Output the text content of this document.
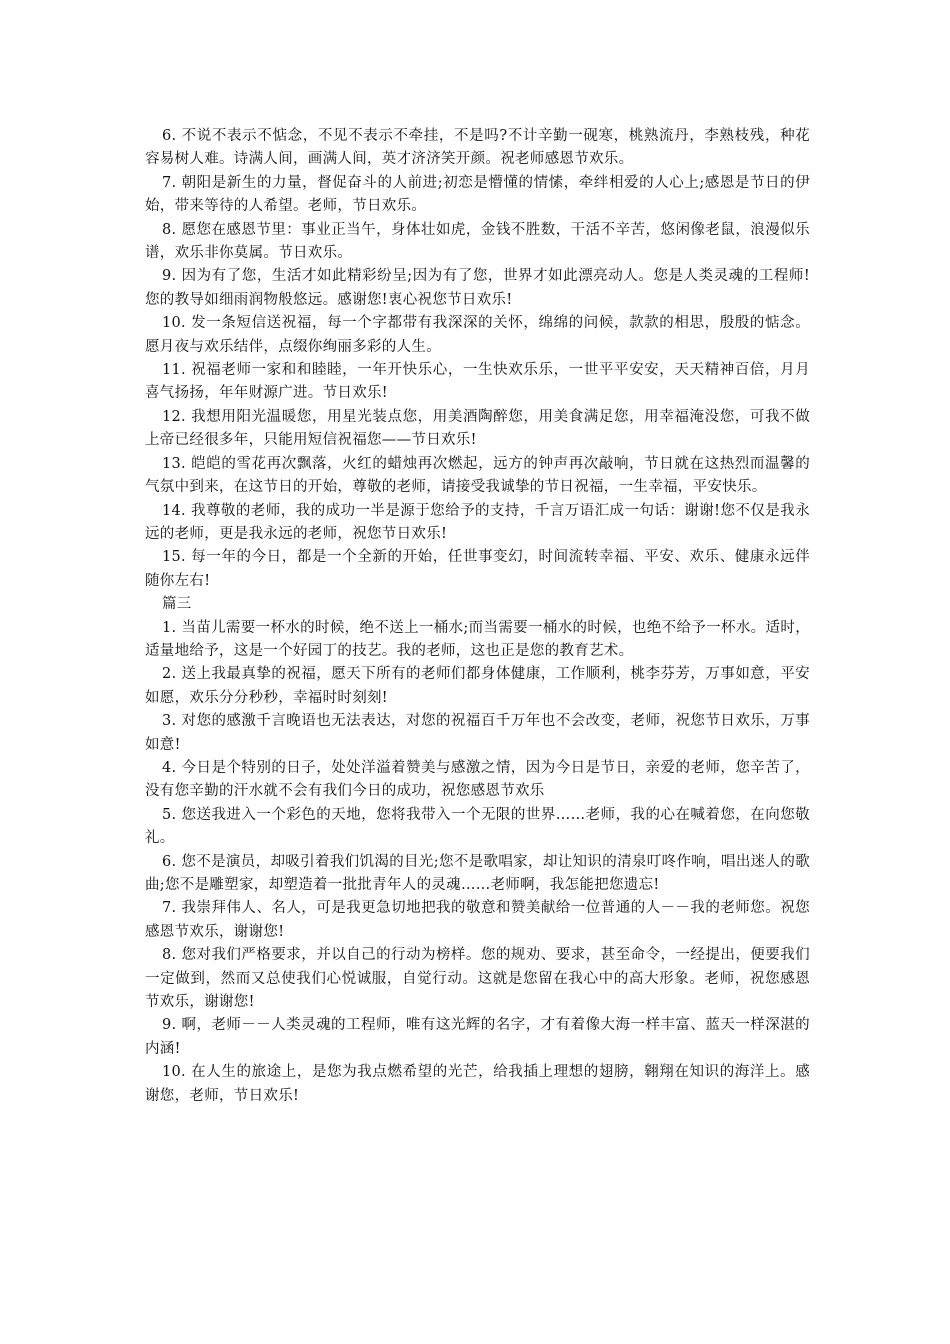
6. 不说不表示不惦念，不见不表示不牵挂，不是吗?不计辛勤一砚寒，桃熟流丹，李熟枝残，种花容易树人难。诗满人间，画满人间，英才济济笑开颜。祝老师感恩节欢乐。

7. 朝阳是新生的力量，督促奋斗的人前进;初恋是懵懂的情愫，牵绊相爱的人心上;感恩是节日的伊始，带来等待的人希望。老师，节日欢乐。

8. 愿您在感恩节里：事业正当午，身体壮如虎，金钱不胜数，干活不辛苦，悠闲像老鼠，浪漫似乐谱，欢乐非你莫属。节日欢乐。

9. 因为有了您，生活才如此精彩纷呈;因为有了您，世界才如此漂亮动人。您是人类灵魂的工程师!您的教导如细雨润物般悠远。感谢您!衷心祝您节日欢乐!

10. 发一条短信送祝福，每一个字都带有我深深的关怀，绵绵的问候，款款的相思，殷殷的惦念。愿月夜与欢乐结伴，点缀你绚丽多彩的人生。

11. 祝福老师一家和和睦睦，一年开快乐心，一生快欢乐乐，一世平平安安，天天精神百倍，月月喜气扬扬，年年财源广进。节日欢乐!

12. 我想用阳光温暖您，用星光装点您，用美酒陶醉您，用美食满足您，用幸福淹没您，可我不做上帝已经很多年，只能用短信祝福您——节日欢乐!

13. 皑皑的雪花再次飘落，火红的蜡烛再次燃起，远方的钟声再次敲响，节日就在这热烈而温馨的气氛中到来，在这节日的开始，尊敬的老师，请接受我诚挚的节日祝福，一生幸福，平安快乐。

14. 我尊敬的老师，我的成功一半是源于您给予的支持，千言万语汇成一句话：谢谢!您不仅是我永远的老师，更是我永远的老师，祝您节日欢乐!

15. 每一年的今日，都是一个全新的开始，任世事变幻，时间流转幸福、平安、欢乐、健康永远伴随你左右!

篇三

1. 当苗儿需要一杯水的时候，绝不送上一桶水;而当需要一桶水的时候，也绝不给予一杯水。适时，适量地给予，这是一个好园丁的技艺。我的老师，这也正是您的教育艺术。

2. 送上我最真挚的祝福，愿天下所有的老师们都身体健康，工作顺利，桃李芬芳，万事如意，平安如愿，欢乐分分秒秒，幸福时时刻刻!

3. 对您的感激千言晚语也无法表达，对您的祝福百千万年也不会改变，老师，祝您节日欢乐，万事如意!

4. 今日是个特别的日子，处处洋溢着赞美与感激之情，因为今日是节日，亲爱的老师，您辛苦了，没有您辛勤的汗水就不会有我们今日的成功，祝您感恩节欢乐

5. 您送我进入一个彩色的天地，您将我带入一个无限的世界……老师，我的心在喊着您，在向您敬礼。

6. 您不是演员，却吸引着我们饥渴的目光;您不是歌唱家，却让知识的清泉叮咚作响，唱出迷人的歌曲;您不是雕塑家，却塑造着一批批青年人的灵魂……老师啊，我怎能把您遗忘!

7. 我崇拜伟人、名人，可是我更急切地把我的敬意和赞美献给一位普通的人－－我的老师您。祝您感恩节欢乐，谢谢您!

8. 您对我们严格要求，并以自己的行动为榜样。您的规劝、要求，甚至命令，一经提出，便要我们一定做到，然而又总使我们心悦诚服，自觉行动。这就是您留在我心中的高大形象。老师，祝您感恩节欢乐，谢谢您!

9. 啊，老师－－人类灵魂的工程师，唯有这光辉的名字，才有着像大海一样丰富、蓝天一样深湛的内涵!

10. 在人生的旅途上，是您为我点燃希望的光芒，给我插上理想的翅膀，翱翔在知识的海洋上。感谢您，老师，节日欢乐!
